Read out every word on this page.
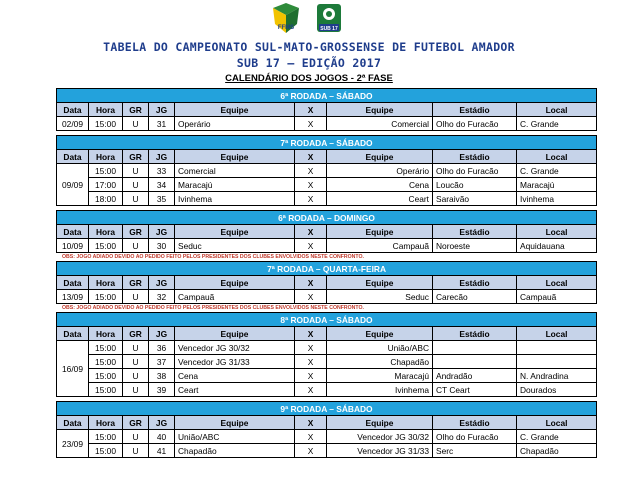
FFMS	SUB 17
TABELA DO CAMPEONATO SUL-MATO-GROSSENSE DE FUTEBOL AMADOR
SUB 17 – EDIÇÃO 2017
CALENDÁRIO DOS JOGOS - 2ª FASE
6ª RODADA – SÁBADO								
Data	Hora	GR	JG	Equipe	X	Equipe	Estádio	Local
02/09	15:00	U	31	Operário	X	Comercial	Olho do Furacão	C. Grande
7ª RODADA – SÁBADO								
Data	Hora	GR	JG	Equipe	X	Equipe	Estádio	Local
09/09	15:00	U	33	Comercial	X	Operário	Olho do Furacão	C. Grande
	17:00	U	34	Maracajú	X	Cena	Loucão	Maracajú
	18:00	U	35	Ivinhema	X	Ceart	Saraivão	Ivinhema
6ª RODADA – DOMINGO								
Data	Hora	GR	JG	Equipe	X	Equipe	Estádio	Local
10/09	15:00	U	30	Seduc	X	Campauã	Noroeste	Aquidauana
OBS: JOGO ADIADO DEVIDO AO PEDIDO FEITO PELOS PRESIDENTES DOS CLUBES ENVOLVIDOS NESTE CONFRONTO.
7ª RODADA – QUARTA-FEIRA								
Data	Hora	GR	JG	Equipe	X	Equipe	Estádio	Local
13/09	15:00	U	32	Campauã	X	Seduc	Carecão	Campauã
OBS: JOGO ADIADO DEVIDO AO PEDIDO FEITO PELOS PRESIDENTES DOS CLUBES ENVOLVIDOS NESTE CONFRONTO.
8ª RODADA – SÁBADO								
Data	Hora	GR	JG	Equipe	X	Equipe	Estádio	Local
16/09	15:00	U	36	Vencedor JG 30/32	X	União/ABC		
	15:00	U	37	Vencedor JG 31/33	X	Chapadão		
	15:00	U	38	Cena	X	Maracajú	Andradão	N. Andradina
	15:00	U	39	Ceart	X	Ivinhema	CT Ceart	Dourados
9ª RODADA – SÁBADO								
Data	Hora	GR	JG	Equipe	X	Equipe	Estádio	Local
23/09	15:00	U	40	União/ABC	X	Vencedor JG 30/32	Olho do Furacão	C. Grande
	15:00	U	41	Chapadão	X	Vencedor JG 31/33	Serc	Chapadão
